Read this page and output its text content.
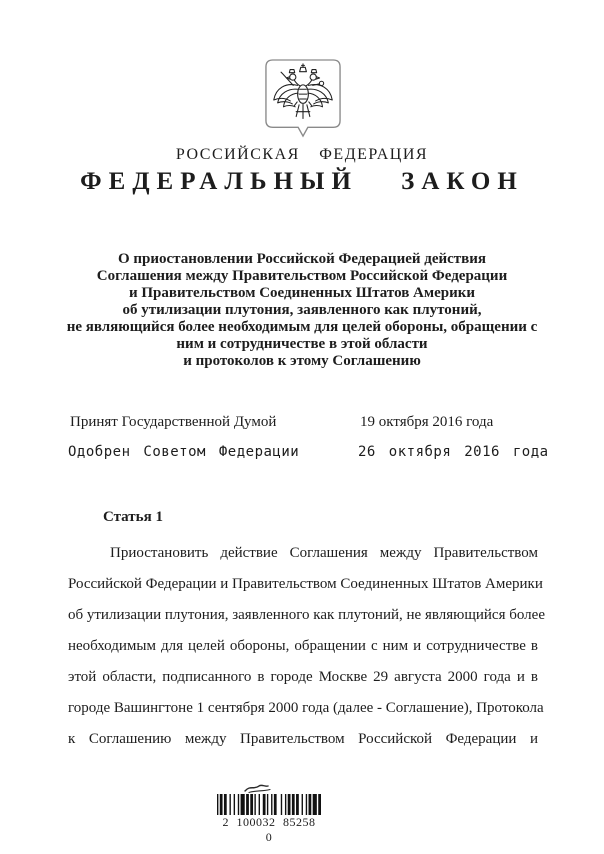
РОССИЙСКАЯ ФЕДЕРАЦИЯ
ФЕДЕРАЛЬНЫЙ ЗАКОН
О приостановлении Российской Федерацией действия
Соглашения между Правительством Российской Федерации
и Правительством Соединенных Штатов Америки
об утилизации плутония, заявленного как плутоний,
не являющийся более необходимым для целей обороны, обращении с
ним и сотрудничестве в этой области
и протоколов к этому Соглашению
Принят Государственной Думой	19 октября 2016 года
Одобрен Советом Федерации	26 октября 2016 года
Статья 1
Приостановить действие Соглашения между Правительством
Российской Федерации и Правительством Соединенных Штатов Америки
об утилизации плутония, заявленного как плутоний, не являющийся более
необходимым для целей обороны, обращении с ним и сотрудничестве в
этой области, подписанного в городе Москве 29 августа 2000 года и в
городе Вашингтоне 1 сентября 2000 года (далее - Соглашение), Протокола
к Соглашению между Правительством Российской Федерации и
2 100032 85258 0
